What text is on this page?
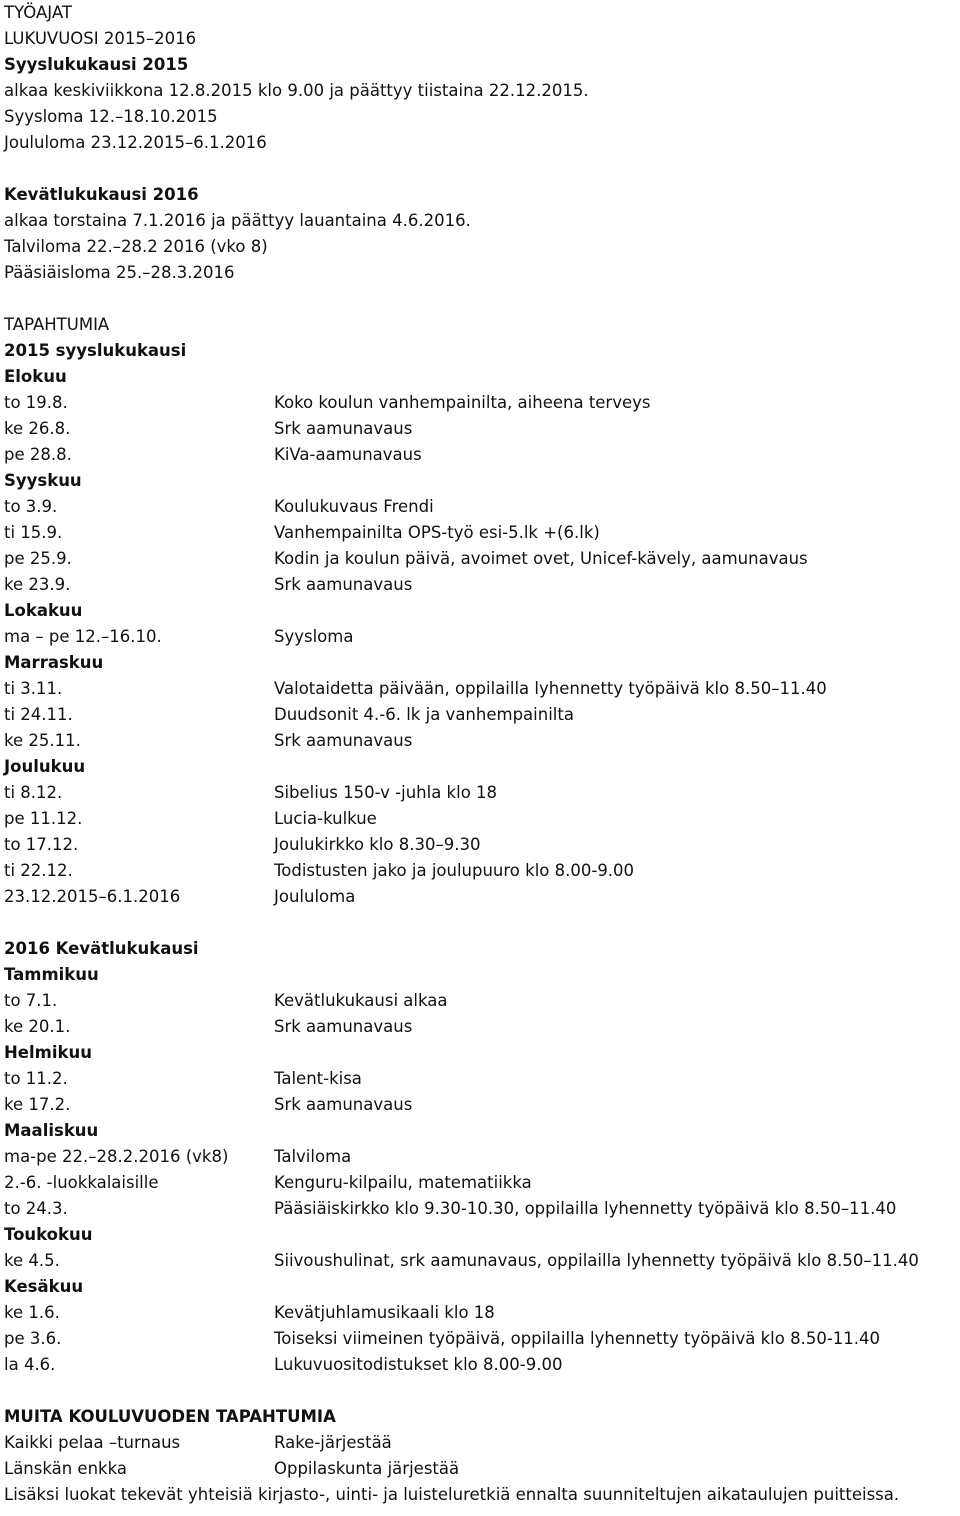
TYÖAJAT
LUKUVUOSI 2015–2016
Syyslukukausi 2015
alkaa keskiviikkona 12.8.2015 klo 9.00 ja päättyy tiistaina 22.12.2015.
Syysloma 12.–18.10.2015
Joululoma 23.12.2015–6.1.2016
Kevätlukukausi 2016
alkaa torstaina 7.1.2016 ja päättyy lauantaina 4.6.2016.
Talviloma 22.–28.2 2016 (vko 8)
Pääsiäisloma 25.–28.3.2016
TAPAHTUMIA
2015 syyslukukausi
Elokuu
to 19.8.	Koko koulun vanhempainilta, aiheena terveys
ke 26.8.	Srk aamunavaus
pe 28.8.	KiVa-aamunavaus
Syyskuu
to 3.9.	Koulukuvaus Frendi
ti 15.9.	Vanhempainilta OPS-työ esi-5.lk +(6.lk)
pe 25.9.	Kodin ja koulun päivä, avoimet ovet, Unicef-kävely, aamunavaus
ke 23.9.	Srk aamunavaus
Lokakuu
ma – pe 12.–16.10.	Syysloma
Marraskuu
ti 3.11.	Valotaidetta päivään, oppilailla lyhennetty työpäivä klo 8.50–11.40
ti 24.11.	Duudsonit 4.-6. lk ja vanhempainilta
ke 25.11.	Srk aamunavaus
Joulukuu
ti 8.12.	Sibelius 150-v -juhla klo 18
pe 11.12.	Lucia-kulkue
to 17.12.	Joulukirkko klo 8.30–9.30
ti 22.12.	Todistusten jako ja joulupuuro klo 8.00-9.00
23.12.2015–6.1.2016	Joululoma
2016 Kevätlukukausi
Tammikuu
to 7.1.	Kevätlukukausi alkaa
ke 20.1.	Srk aamunavaus
Helmikuu
to 11.2.	Talent-kisa
ke 17.2.	Srk aamunavaus
Maaliskuu
ma-pe 22.–28.2.2016 (vk8)	Talviloma
2.-6. -luokkalaisille	Kenguru-kilpailu, matematiikka
to 24.3.	Pääsiäiskirkko klo 9.30-10.30, oppilailla lyhennetty työpäivä klo 8.50–11.40
Toukokuu
ke 4.5.	Siivoushulinat, srk aamunavaus, oppilailla lyhennetty työpäivä klo 8.50–11.40
Kesäkuu
ke 1.6.	Kevätjuhlamusikaali klo 18
pe 3.6.	Toiseksi viimeinen työpäivä, oppilailla lyhennetty työpäivä klo 8.50-11.40
la 4.6.	Lukuvuositodistukset klo 8.00-9.00
MUITA KOULUVUODEN TAPAHTUMIA
Kaikki pelaa –turnaus	Rake-järjestää
Länskän enkka	Oppilaskunta järjestää
Lisäksi luokat tekevät yhteisiä kirjasto-, uinti- ja luisteluretkiä ennalta suunniteltujen aikataulujen puitteissa.
